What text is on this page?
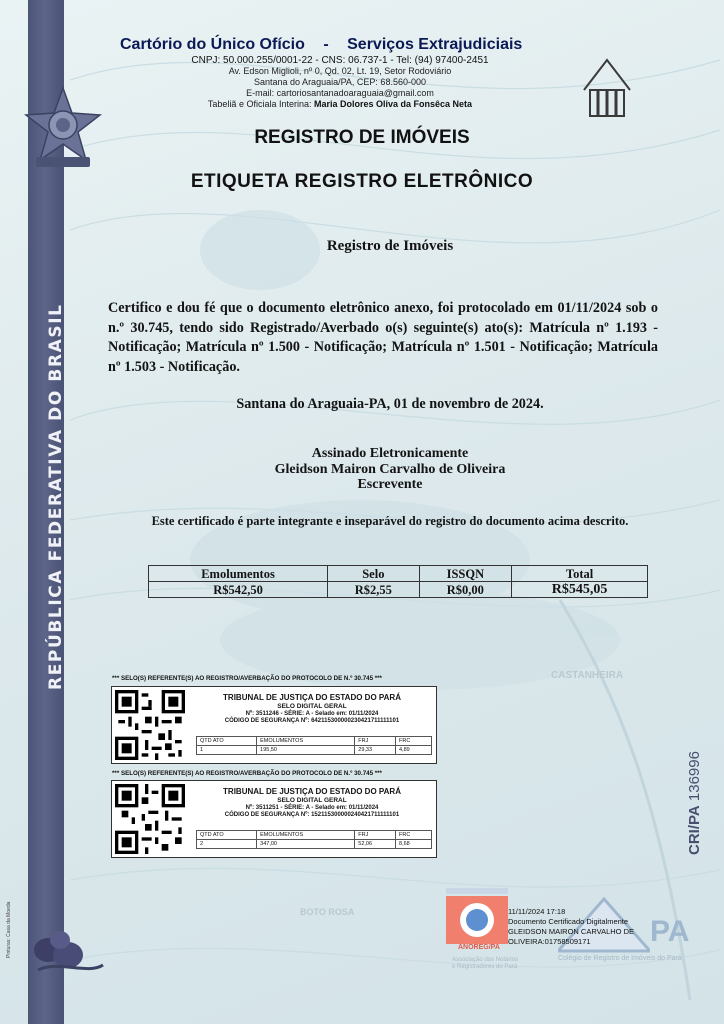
REPÚBLICA FEDERATIVA DO BRASIL
Pinturas: Casa da Moeda
Cartório do Único Ofício - Serviços Extrajudiciais
CNPJ: 50.000.255/0001-22 - CNS: 06.737-1 - Tel: (94) 97400-2451
Av. Edson Miglioli, nº 0, Qd. 02, Lt. 19, Setor Rodoviário
Santana do Araguaia/PA, CEP: 68.560-000
E-mail: cartoriosantanadoaraguaia@gmail.com
Tabeliã e Oficiala Interina: Maria Dolores Oliva da Fonsêca Neta
REGISTRO DE IMÓVEIS
ETIQUETA REGISTRO ELETRÔNICO
Registro de Imóveis
Certifico e dou fé que o documento eletrônico anexo, foi protocolado em 01/11/2024 sob o n.º 30.745, tendo sido Registrado/Averbado o(s) seguinte(s) ato(s): Matrícula nº 1.193 - Notificação; Matrícula nº 1.500 - Notificação; Matrícula nº 1.501 - Notificação; Matrícula nº 1.503 - Notificação.
Santana do Araguaia-PA, 01 de novembro de 2024.
Assinado Eletronicamente
Gleidson Mairon Carvalho de Oliveira
Escrevente
Este certificado é parte integrante e inseparável do registro do documento acima descrito.
Emolumentos	Selo	ISSQN	Total
R$542,50	R$2,55	R$0,00	R$545,05
*** SELO(S) REFERENTE(S) AO REGISTRO/AVERBAÇÃO DO PROTOCOLO DE N.º 30.745 ***
TRIBUNAL DE JUSTIÇA DO ESTADO DO PARÁ
SELO DIGITAL GERAL
Nº: 3511246 - SÉRIE: A - Selado em: 01/11/2024
CÓDIGO DE SEGURANÇA Nº: 642115300000230421711111101
QTD ATO	EMOLUMENTOS	FRJ	FRC
1	195,50	29,33	4,89
*** SELO(S) REFERENTE(S) AO REGISTRO/AVERBAÇÃO DO PROTOCOLO DE N.º 30.745 ***
TRIBUNAL DE JUSTIÇA DO ESTADO DO PARÁ
SELO DIGITAL GERAL
Nº: 3511251 - SÉRIE: A - Selado em: 01/11/2024
CÓDIGO DE SEGURANÇA Nº: 152115300000240421711111101
QTD ATO	EMOLUMENTOS	FRJ	FRC
2	347,00	52,06	8,68	CRI/PA 136996
CASTANHEIRA
BOTO ROSA
ANOREG/PA
Associação dos Notários
e Registradores do Pará
PA
Colégio de Registro de Imóveis do Pará
11/11/2024 17:18
Documento Certificado Digitalmente
GLEIDSON MAIRON CARVALHO DE
OLIVEIRA:01758509171
